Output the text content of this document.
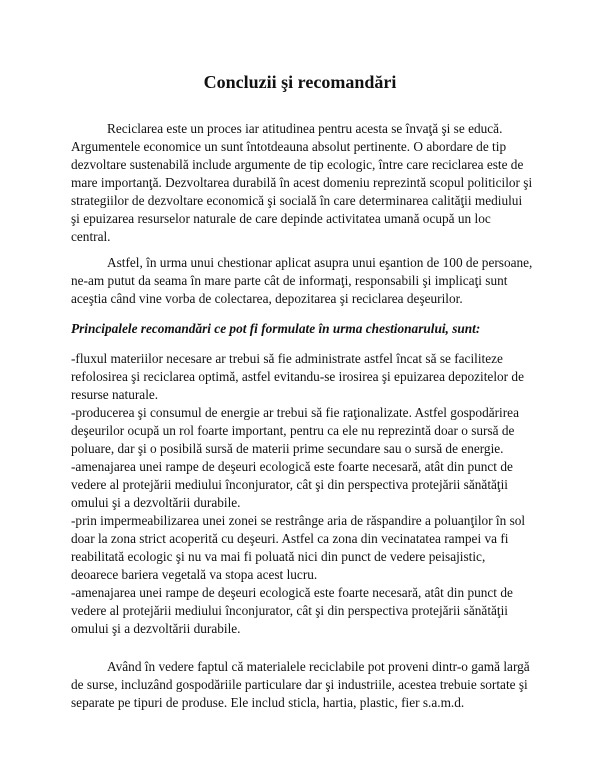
Concluzii şi recomandări

Reciclarea este un proces iar atitudinea pentru acesta se învaţă şi se educă. Argumentele economice un sunt întotdeauna absolut pertinente. O abordare de tip dezvoltare sustenabilă include argumente de tip ecologic, între care reciclarea este de mare importanţă. Dezvoltarea durabilă în acest domeniu reprezintă scopul politicilor şi strategiilor de dezvoltare economică şi socială în care determinarea calităţii mediului şi epuizarea resurselor naturale de care depinde activitatea umană ocupă un loc central.

Astfel, în urma unui chestionar aplicat asupra unui eşantion de 100 de persoane, ne-am putut da seama în mare parte cât de informaţi, responsabili şi implicaţi sunt aceştia când vine vorba de colectarea, depozitarea şi reciclarea deşeurilor.

Principalele recomandări ce pot fi formulate în urma chestionarului, sunt:

-fluxul materiilor necesare ar trebui să fie administrate astfel încat să se faciliteze refolosirea şi reciclarea optimă, astfel evitandu-se irosirea şi epuizarea depozitelor de resurse naturale.

-producerea şi consumul de energie ar trebui să fie raţionalizate. Astfel gospodărirea deşeurilor ocupă un rol foarte important, pentru ca ele nu reprezintă doar o sursă de poluare, dar şi o posibilă sursă de materii prime secundare sau o sursă de energie.

-amenajarea unei rampe de deşeuri ecologică este foarte necesară, atât din punct de vedere al protejării mediului înconjurator, cât şi din perspectiva protejării sănătăţii omului şi a dezvoltării durabile.

-prin impermeabilizarea unei zonei se restrânge aria de răspandire a poluanţilor în sol doar la zona strict acoperită cu deşeuri. Astfel ca zona din vecinatatea rampei va fi reabilitată ecologic şi nu va mai fi poluată nici din punct de vedere peisajistic, deoarece bariera vegetală va stopa acest lucru.

-amenajarea unei rampe de deşeuri ecologică este foarte necesară, atât din punct de vedere al protejării mediului înconjurator, cât şi din perspectiva protejării sănătăţii omului şi a dezvoltării durabile.

Având în vedere faptul că materialele reciclabile pot proveni dintr-o gamă largă de surse, incluzând gospodăriile particulare dar şi industriile, acestea trebuie sortate şi separate pe tipuri de produse. Ele includ sticla, hartia, plastic, fier s.a.m.d.
